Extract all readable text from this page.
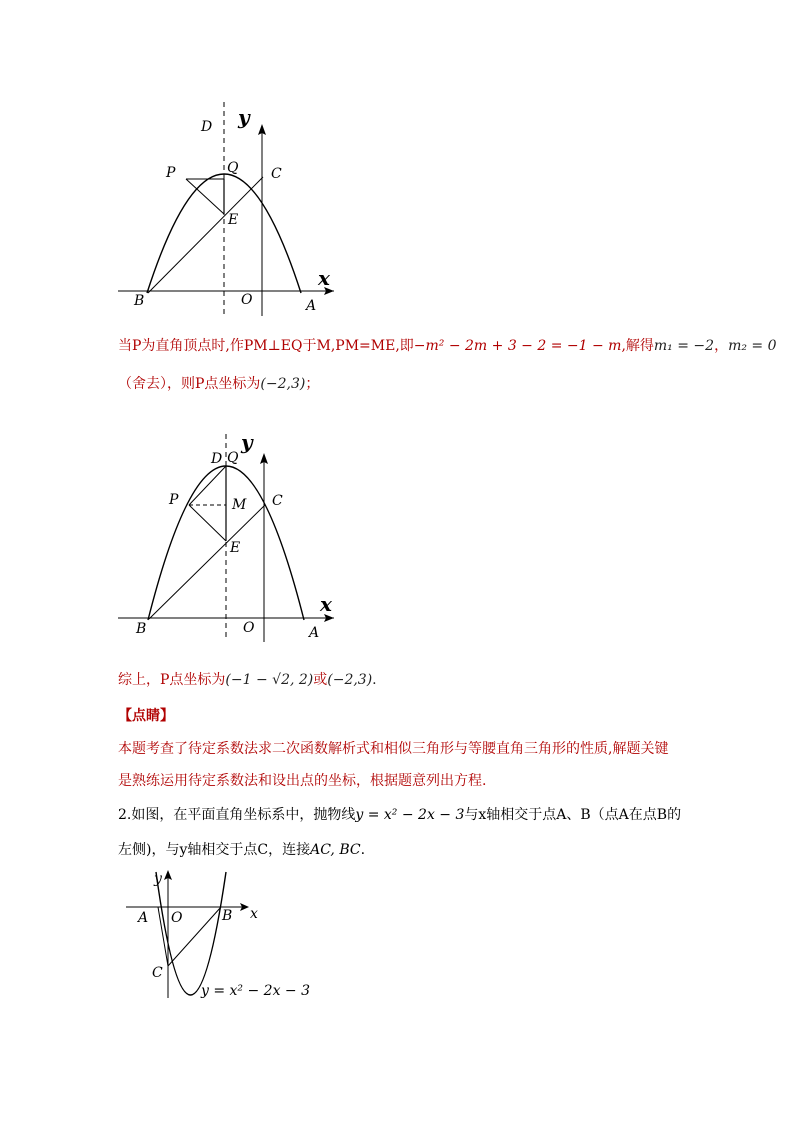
D y
Q
P	C
E
x
B	O	A
当P为直角顶点时,作PM⊥EQ于M,PM=ME,即−m² − 2m + 3 − 2 = −1 − m,解得m₁ = −2，m₂ = 0
（舍去），则P点坐标为(−2,3)；
D Q
y
P	M C
E
x
B	O	A
综上，P点坐标为(−1 − √2, 2)或(−2,3).
【点睛】
本题考查了待定系数法求二次函数解析式和相似三角形与等腰直角三角形的性质,解题关键
是熟练运用待定系数法和设出点的坐标，根据题意列出方程.
2.如图，在平面直角坐标系中，抛物线y = x² − 2x − 3与x轴相交于点A、B（点A在点B的
左侧)，与y轴相交于点C，连接AC, BC.
y
A O	B x
C
y = x² − 2x − 3
